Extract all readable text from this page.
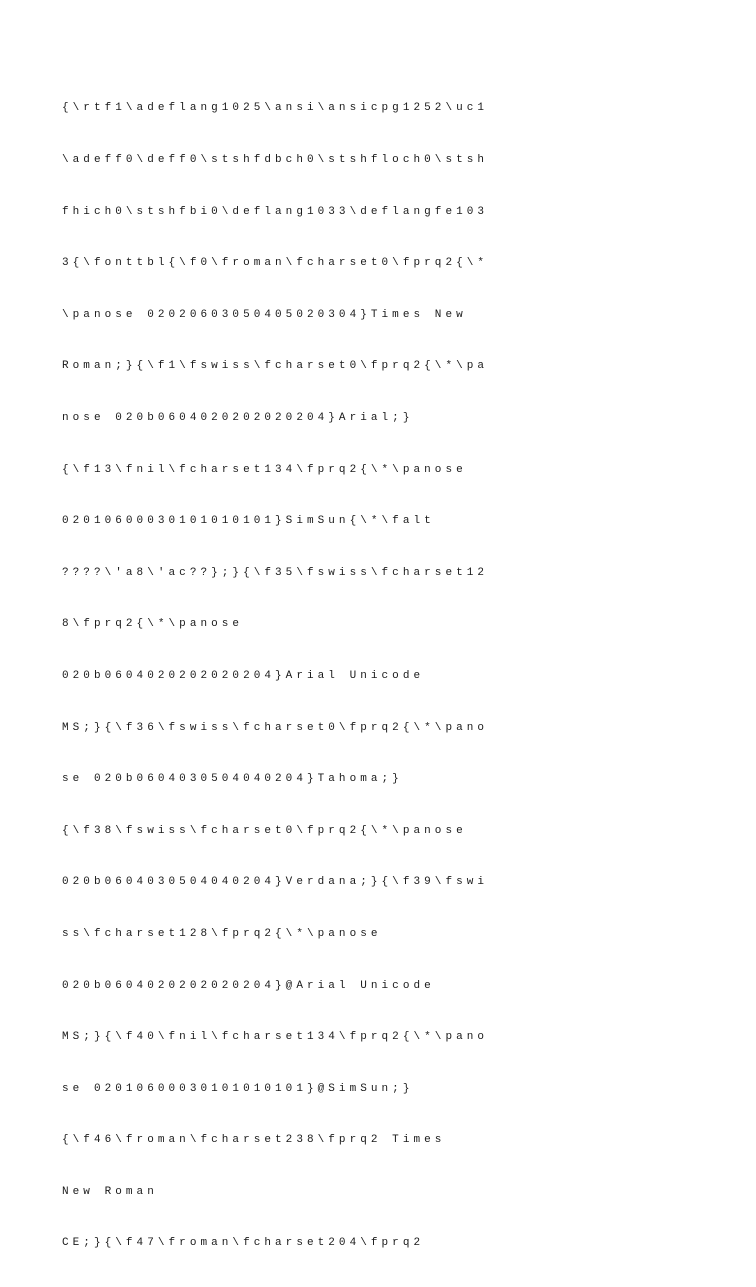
{\rtf1\adeflang1025\ansi\ansicpg1252\uc1

\adeff0\deff0\stshfdbch0\stshfloch0\stsh

fhich0\stshfbi0\deflang1033\deflangfe103

3{\fonttbl{\f0\froman\fcharset0\fprq2{\*

\panose 02020603050405020304}Times New

Roman;}{\f1\fswiss\fcharset0\fprq2{\*\pa

nose 020b0604020202020204}Arial;}

{\f13\fnil\fcharset134\fprq2{\*\panose

02010600030101010101}SimSun{\*\falt

????\'a8\'ac??};}{\f35\fswiss\fcharset12

8\fprq2{\*\panose

020b0604020202020204}Arial Unicode

MS;}{\f36\fswiss\fcharset0\fprq2{\*\pano

se 020b0604030504040204}Tahoma;}

{\f38\fswiss\fcharset0\fprq2{\*\panose

020b0604030504040204}Verdana;}{\f39\fswi

ss\fcharset128\fprq2{\*\panose

020b0604020202020204}@Arial Unicode

MS;}{\f40\fnil\fcharset134\fprq2{\*\pano

se 02010600030101010101}@SimSun;}

{\f46\froman\fcharset238\fprq2 Times

New Roman

CE;}{\f47\froman\fcharset204\fprq2
